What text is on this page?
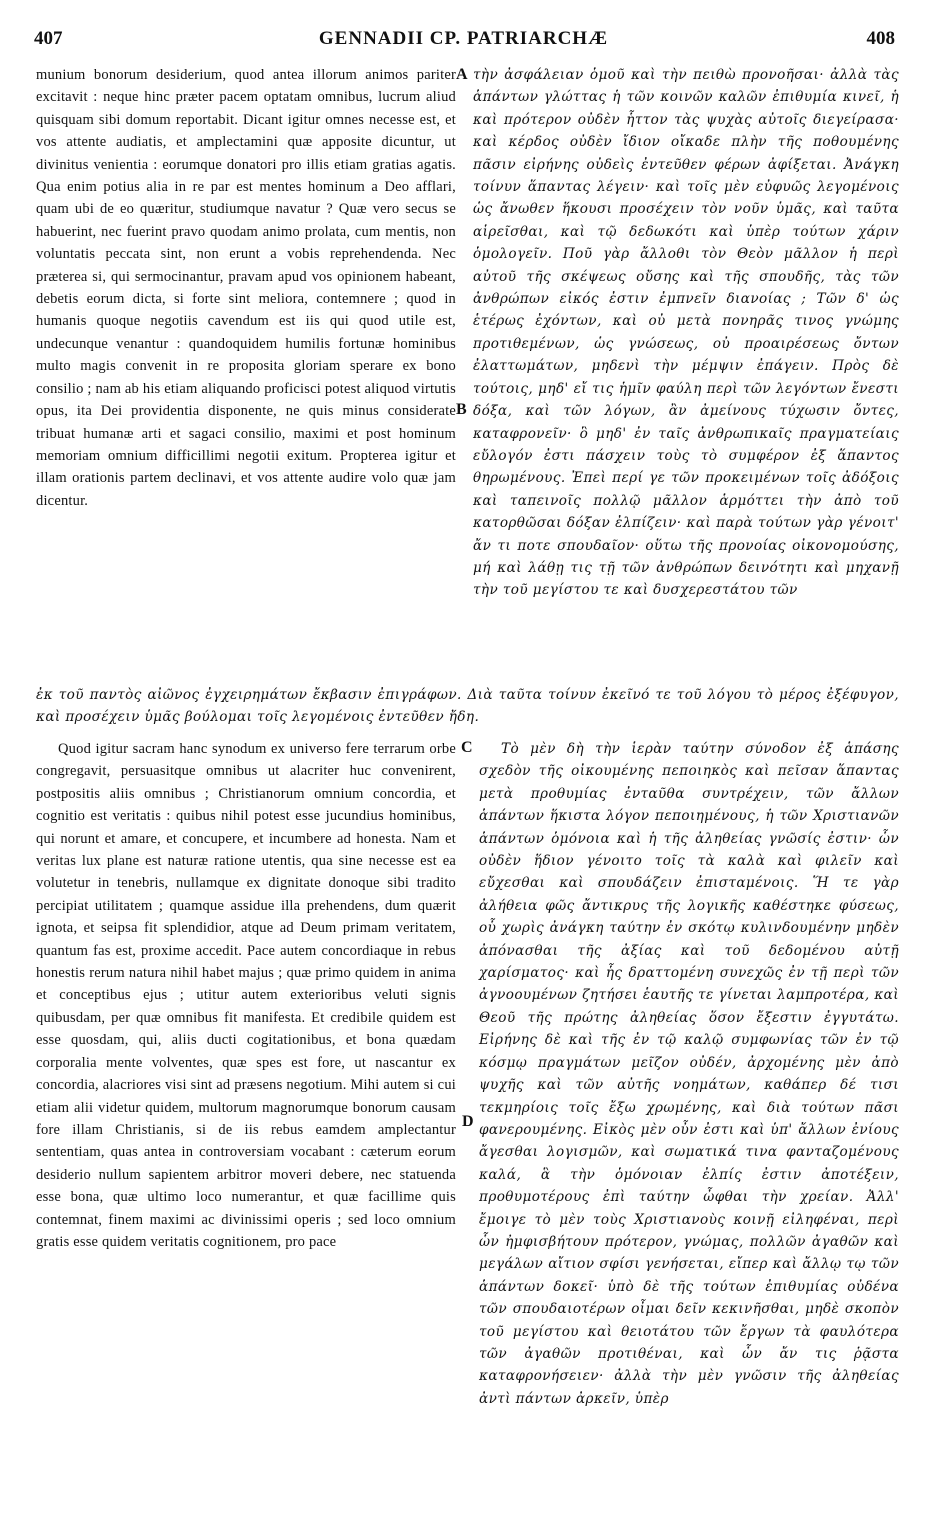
407	GENNADII CP. PATRIARCHÆ	408

munium bonorum desiderium, quod antea illorum animos pariter excitavit : neque hinc præter pacem optatam omnibus, lucrum aliud quisquam sibi domum reportabit. Dicant igitur omnes necesse est, et vos attente audiatis, et amplectamini quæ apposite dicuntur, ut divinitus venientia : eorumque donatori pro illis etiam gratias agatis. Qua enim potius alia in re par est mentes hominum a Deo afflari, quam ubi de eo quæritur, studiumque navatur ? Quæ vero secus se habuerint, nec fuerint pravo quodam animo prolata, cum mentis, non voluntatis peccata sint, non erunt a vobis reprehendenda. Nec præterea si, qui sermocinantur, pravam apud vos opinionem habeant, debetis eorum dicta, si forte sint meliora, contemnere ; quod in humanis quoque negotiis cavendum est iis qui quod utile est, undecunque venantur : quandoquidem humilis fortunæ hominibus multo magis convenit in re proposita gloriam sperare ex bono consilio ; nam ab his etiam aliquando proficisci potest aliquod virtutis opus, ita Dei providentia disponente, ne quis minus considerate tribuat humanæ arti et sagaci consilio, maximi et post hominum memoriam omnium difficillimi negotii exitum. Propterea igitur et illam orationis partem declinavi, et vos attente audire volo quæ jam dicentur.

τὴν ἀσφάλειαν ὁμοῦ καὶ τὴν πειθὼ προνοῆσαι· ἀλλὰ τὰς ἁπάντων γλώττας ἡ τῶν κοινῶν καλῶν ἐπιθυμία κινεῖ, ἡ καὶ πρότερον οὐδὲν ἧττον τὰς ψυχὰς αὐτοῖς διεγείρασα· καὶ κέρδος οὐδὲν ἴδιον οἴκαδε πλὴν τῆς ποθουμένης πᾶσιν εἰρήνης οὐδεὶς ἐντεῦθεν φέρων ἀφίξεται. Ἀνάγκη τοίνυν ἅπαντας λέγειν· καὶ τοῖς μὲν εὐφυῶς λεγομένοις ὡς ἄνωθεν ἥκουσι προσέχειν τὸν νοῦν ὑμᾶς, καὶ ταῦτα αἱρεῖσθαι, καὶ τῷ δεδωκότι καὶ ὑπὲρ τούτων χάριν ὁμολογεῖν. Ποῦ γὰρ ἄλλοθι τὸν Θεὸν μᾶλλον ἡ περὶ αὐτοῦ τῆς σκέψεως οὔσης καὶ τῆς σπουδῆς, τὰς τῶν ἀνθρώπων εἰκός ἐστιν ἐμπνεῖν διανοίας ; Τῶν δ' ὡς ἑτέρως ἐχόντων, καὶ οὐ μετὰ πονηρᾶς τινος γνώμης προτιθεμένων, ὡς γνώσεως, οὐ προαιρέσεως ὄντων ἐλαττωμάτων, μηδενὶ τὴν μέμψιν ἐπάγειν. Πρὸς δὲ τούτοις, μηδ' εἴ τις ἡμῖν φαύλη περὶ τῶν λεγόντων ἔνεστι δόξα, καὶ τῶν λόγων, ἂν ἀμείνους τύχωσιν ὄντες, καταφρονεῖν· ὃ μηδ' ἐν ταῖς ἀνθρωπικαῖς πραγματείαις εὔλογόν ἐστι πάσχειν τοὺς τὸ συμφέρον ἐξ ἅπαντος θηρωμένους. Ἐπεὶ περί γε τῶν προκειμένων τοῖς ἀδόξοις καὶ ταπεινοῖς πολλῷ μᾶλλον ἁρμόττει τὴν ἀπὸ τοῦ κατορθῶσαι δόξαν ἐλπίζειν· καὶ παρὰ τούτων γὰρ γένοιτ' ἄν τι ποτε σπουδαῖον· οὕτω τῆς προνοίας οἰκονομούσης, μή καὶ λάθῃ τις τῇ τῶν ἀνθρώπων δεινότητι καὶ μηχανῇ τὴν τοῦ μεγίστου τε καὶ δυσχερεστάτου τῶν

ἐκ τοῦ παντὸς αἰῶνος ἐγχειρημάτων ἔκβασιν ἐπιγράφων. Διὰ ταῦτα τοίνυν ἐκεῖνό τε τοῦ λόγου τὸ μέρος ἐξέφυγον, καὶ προσέχειν ὑμᾶς βούλομαι τοῖς λεγομένοις ἐντεῦθεν ἤδη.

Quod igitur sacram hanc synodum ex universo fere terrarum orbe congregavit, persuasitque omnibus ut alacriter huc convenirent, postpositis aliis omnibus ; Christianorum omnium concordia, et cognitio est veritatis : quibus nihil potest esse jucundius hominibus, qui norunt et amare, et concupere, et incumbere ad honesta. Nam et veritas lux plane est naturæ ratione utentis, qua sine necesse est ea volutetur in tenebris, nullamque ex dignitate donoque sibi tradito percipiat utilitatem ; quamque assidue illa prehendens, dum quærit ignota, et seipsa fit splendidior, atque ad Deum primam veritatem, quantum fas est, proxime accedit. Pace autem concordiaque in rebus honestis rerum natura nihil habet majus ; quæ primo quidem in anima et conceptibus ejus ; utitur autem exterioribus veluti signis quibusdam, per quæ omnibus fit manifesta. Et credibile quidem est esse quosdam, qui, aliis ducti cogitationibus, et bona quædam corporalia mente volventes, quæ spes est fore, ut nascantur ex concordia, alacriores visi sint ad præsens negotium. Mihi autem si cui etiam alii videtur quidem, multorum magnorumque bonorum causam fore illam Christianis, si de iis rebus eamdem amplectantur sententiam, quas antea in controversiam vocabant : cæterum eorum desiderio nullum sapientem arbitror moveri debere, nec statuenda esse bona, quæ ultimo loco numerantur, et quæ facillime quis contemnat, finem maximi ac divinissimi operis ; sed loco omnium gratis esse quidem veritatis cognitionem, pro pace

Τὸ μὲν δὴ τὴν ἱερὰν ταύτην σύνοδον ἐξ ἁπάσης σχεδὸν τῆς οἰκουμένης πεποιηκὸς καὶ πεῖσαν ἅπαντας μετὰ προθυμίας ἐνταῦθα συντρέχειν, τῶν ἄλλων ἁπάντων ἥκιστα λόγον πεποιημένους, ἡ τῶν Χριστιανῶν ἁπάντων ὁμόνοια καὶ ἡ τῆς ἀληθείας γνῶσίς ἐστιν· ὧν οὐδὲν ἥδιον γένοιτο τοῖς τὰ καλὰ καὶ φιλεῖν καὶ εὔχεσθαι καὶ σπουδάζειν ἐπισταμένοις. Ἥ τε γὰρ ἀλήθεια φῶς ἄντικρυς τῆς λογικῆς καθέστηκε φύσεως, οὗ χωρὶς ἀνάγκη ταύτην ἐν σκότῳ κυλινδουμένην μηδὲν ἀπόνασθαι τῆς ἀξίας καὶ τοῦ δεδομένου αὐτῇ χαρίσματος· καὶ ἧς δραττομένη συνεχῶς ἐν τῇ περὶ τῶν ἀγνοουμένων ζητήσει ἑαυτῆς τε γίνεται λαμπροτέρα, καὶ Θεοῦ τῆς πρώτης ἀληθείας ὅσον ἔξεστιν ἐγγυτάτω. Εἰρήνης δὲ καὶ τῆς ἐν τῷ καλῷ συμφωνίας τῶν ἐν τῷ κόσμῳ πραγμάτων μεῖζον οὐδέν, ἀρχομένης μὲν ἀπὸ ψυχῆς καὶ τῶν αὐτῆς νοημάτων, καθάπερ δέ τισι τεκμηρίοις τοῖς ἔξω χρωμένης, καὶ διὰ τούτων πᾶσι φανερουμένης. Εἰκὸς μὲν οὖν ἐστι καὶ ὑπ' ἄλλων ἐνίους ἄγεσθαι λογισμῶν, καὶ σωματικά τινα φανταζομένους καλά, ἃ τὴν ὁμόνοιαν ἐλπίς ἐστιν ἀποτέξειν, προθυμοτέρους ἐπὶ ταύτην ὦφθαι τὴν χρείαν. Ἀλλ' ἔμοιγε τὸ μὲν τοὺς Χριστιανοὺς κοινῇ εἰληφέναι, περὶ ὧν ἠμφισβήτουν πρότερον, γνώμας, πολλῶν ἀγαθῶν καὶ μεγάλων αἴτιον σφίσι γενήσεται, εἴπερ καὶ ἄλλῳ τῳ τῶν ἁπάντων δοκεῖ· ὑπὸ δὲ τῆς τούτων ἐπιθυμίας οὐδένα τῶν σπουδαιοτέρων οἶμαι δεῖν κεκινῆσθαι, μηδὲ σκοπὸν τοῦ μεγίστου καὶ θειοτάτου τῶν ἔργων τὰ φαυλότερα τῶν ἀγαθῶν προτιθέναι, καὶ ὧν ἄν τις ῥᾷστα καταφρονήσειεν· ἀλλὰ τὴν μὲν γνῶσιν τῆς ἀληθείας ἀντὶ πάντων ἀρκεῖν, ὑπὲρ

A
B
C
D
